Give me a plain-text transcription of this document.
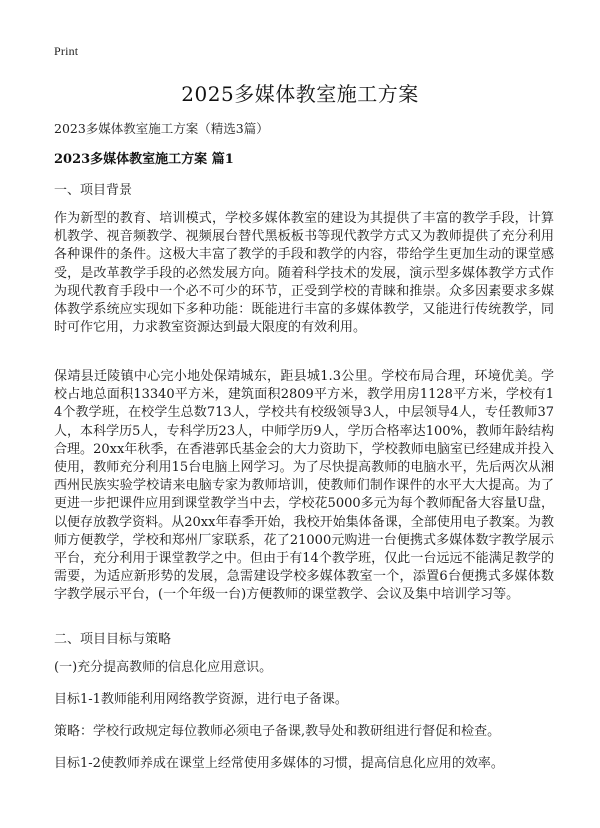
Print
2025多媒体教室施工方案
2023多媒体教室施工方案（精选3篇）
2023多媒体教室施工方案 篇1
一、项目背景
作为新型的教育、培训模式，学校多媒体教室的建设为其提供了丰富的教学手段，计算机教学、视音频教学、视频展台替代黑板板书等现代教学方式又为教师提供了充分利用各种课件的条件。这极大丰富了教学的手段和教学的内容，带给学生更加生动的课堂感受，是改革教学手段的必然发展方向。随着科学技术的发展，演示型多媒体教学方式作为现代教育手段中一个必不可少的环节，正受到学校的青睐和推崇。众多因素要求多媒体教学系统应实现如下多种功能：既能进行丰富的多媒体教学，又能进行传统教学，同时可作它用，力求教室资源达到最大限度的有效利用。
保靖县迁陵镇中心完小地处保靖城东，距县城1.3公里。学校布局合理，环境优美。学校占地总面积13340平方米，建筑面积2809平方米，教学用房1128平方米，学校有14个教学班，在校学生总数713人，学校共有校级领导3人，中层领导4人，专任教师37人，本科学历5人，专科学历23人，中师学历9人，学历合格率达100%，教师年龄结构合理。20xx年秋季，在香港郭氏基金会的大力资助下，学校教师电脑室已经建成并投入使用，教师充分利用15台电脑上网学习。为了尽快提高教师的电脑水平，先后两次从湘西州民族实验学校请来电脑专家为教师培训，使教师们制作课件的水平大大提高。为了更进一步把课件应用到课堂教学当中去，学校花5000多元为每个教师配备大容量U盘，以便存放教学资料。从20xx年春季开始，我校开始集体备课，全部使用电子教案。为教师方便教学，学校和郑州厂家联系，花了21000元购进一台便携式多媒体数字教学展示平台，充分利用于课堂教学之中。但由于有14个教学班，仅此一台远远不能满足教学的需要，为适应新形势的发展，急需建设学校多媒体教室一个，添置6台便携式多媒体数字教学展示平台，(一个年级一台)方便教师的课堂教学、会议及集中培训学习等。
二、项目目标与策略
(一)充分提高教师的信息化应用意识。
目标1-1教师能利用网络教学资源，进行电子备课。
策略：学校行政规定每位教师必须电子备课,教导处和教研组进行督促和检查。
目标1-2使教师养成在课堂上经常使用多媒体的习惯，提高信息化应用的效率。
